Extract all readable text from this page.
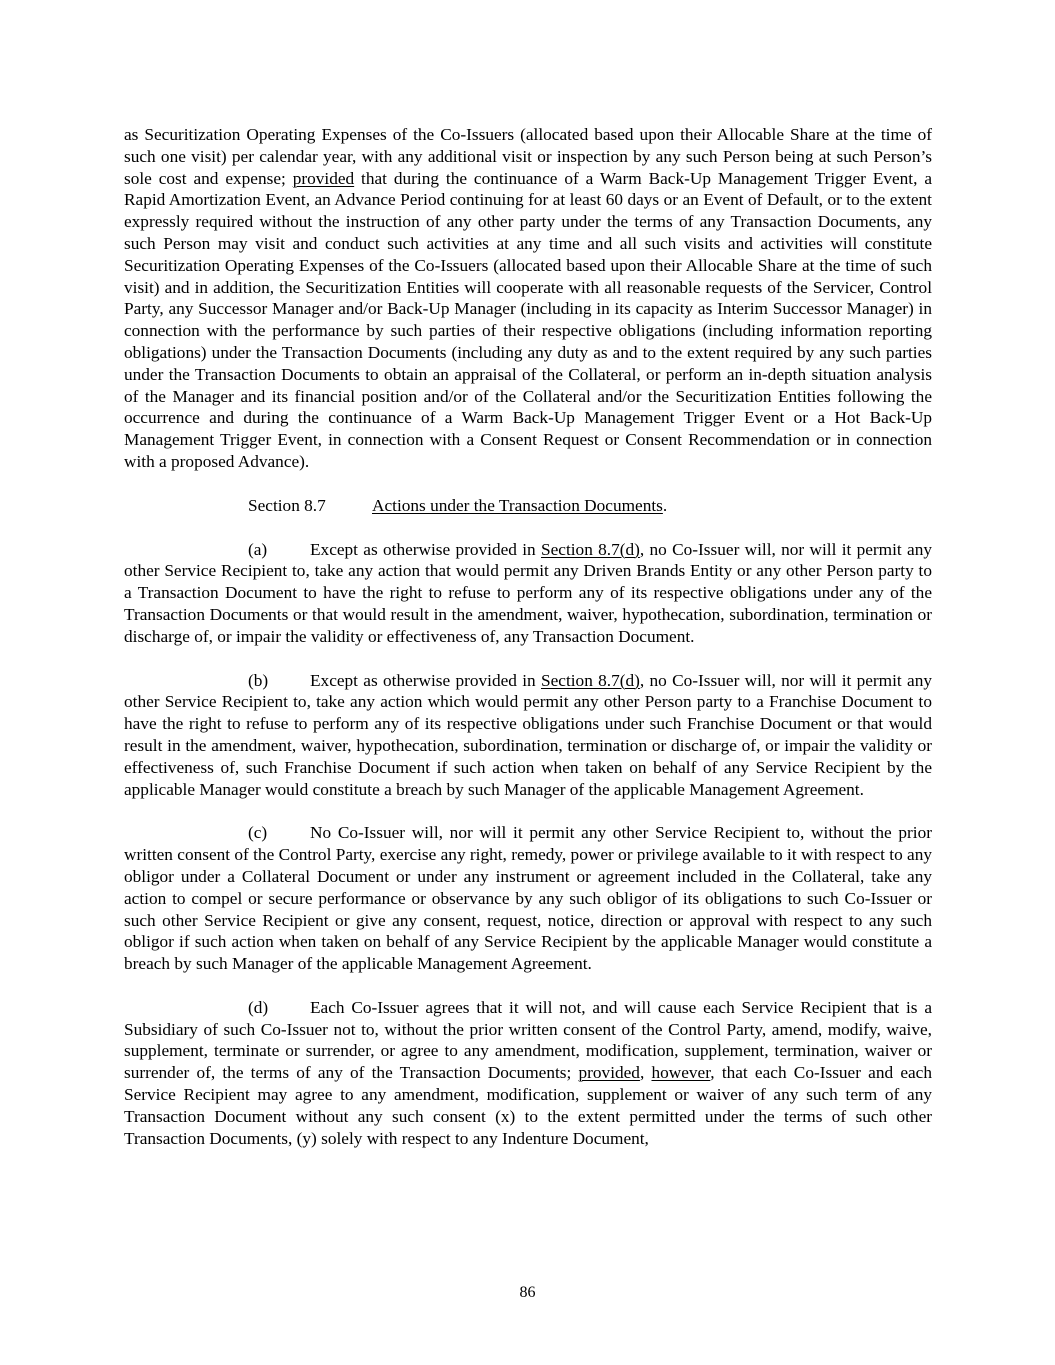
as Securitization Operating Expenses of the Co-Issuers (allocated based upon their Allocable Share at the time of such one visit) per calendar year, with any additional visit or inspection by any such Person being at such Person’s sole cost and expense; provided that during the continuance of a Warm Back-Up Management Trigger Event, a Rapid Amortization Event, an Advance Period continuing for at least 60 days or an Event of Default, or to the extent expressly required without the instruction of any other party under the terms of any Transaction Documents, any such Person may visit and conduct such activities at any time and all such visits and activities will constitute Securitization Operating Expenses of the Co-Issuers (allocated based upon their Allocable Share at the time of such visit) and in addition, the Securitization Entities will cooperate with all reasonable requests of the Servicer, Control Party, any Successor Manager and/or Back-Up Manager (including in its capacity as Interim Successor Manager) in connection with the performance by such parties of their respective obligations (including information reporting obligations) under the Transaction Documents (including any duty as and to the extent required by any such parties under the Transaction Documents to obtain an appraisal of the Collateral, or perform an in-depth situation analysis of the Manager and its financial position and/or of the Collateral and/or the Securitization Entities following the occurrence and during the continuance of a Warm Back-Up Management Trigger Event or a Hot Back-Up Management Trigger Event, in connection with a Consent Request or Consent Recommendation or in connection with a proposed Advance).

Section 8.7	Actions under the Transaction Documents.

(a) Except as otherwise provided in Section 8.7(d), no Co-Issuer will, nor will it permit any other Service Recipient to, take any action that would permit any Driven Brands Entity or any other Person party to a Transaction Document to have the right to refuse to perform any of its respective obligations under any of the Transaction Documents or that would result in the amendment, waiver, hypothecation, subordination, termination or discharge of, or impair the validity or effectiveness of, any Transaction Document.

(b) Except as otherwise provided in Section 8.7(d), no Co-Issuer will, nor will it permit any other Service Recipient to, take any action which would permit any other Person party to a Franchise Document to have the right to refuse to perform any of its respective obligations under such Franchise Document or that would result in the amendment, waiver, hypothecation, subordination, termination or discharge of, or impair the validity or effectiveness of, such Franchise Document if such action when taken on behalf of any Service Recipient by the applicable Manager would constitute a breach by such Manager of the applicable Management Agreement.

(c) No Co-Issuer will, nor will it permit any other Service Recipient to, without the prior written consent of the Control Party, exercise any right, remedy, power or privilege available to it with respect to any obligor under a Collateral Document or under any instrument or agreement included in the Collateral, take any action to compel or secure performance or observance by any such obligor of its obligations to such Co-Issuer or such other Service Recipient or give any consent, request, notice, direction or approval with respect to any such obligor if such action when taken on behalf of any Service Recipient by the applicable Manager would constitute a breach by such Manager of the applicable Management Agreement.

(d) Each Co-Issuer agrees that it will not, and will cause each Service Recipient that is a Subsidiary of such Co-Issuer not to, without the prior written consent of the Control Party, amend, modify, waive, supplement, terminate or surrender, or agree to any amendment, modification, supplement, termination, waiver or surrender of, the terms of any of the Transaction Documents; provided, however, that each Co-Issuer and each Service Recipient may agree to any amendment, modification, supplement or waiver of any such term of any Transaction Document without any such consent (x) to the extent permitted under the terms of such other Transaction Documents, (y) solely with respect to any Indenture Document,

86
